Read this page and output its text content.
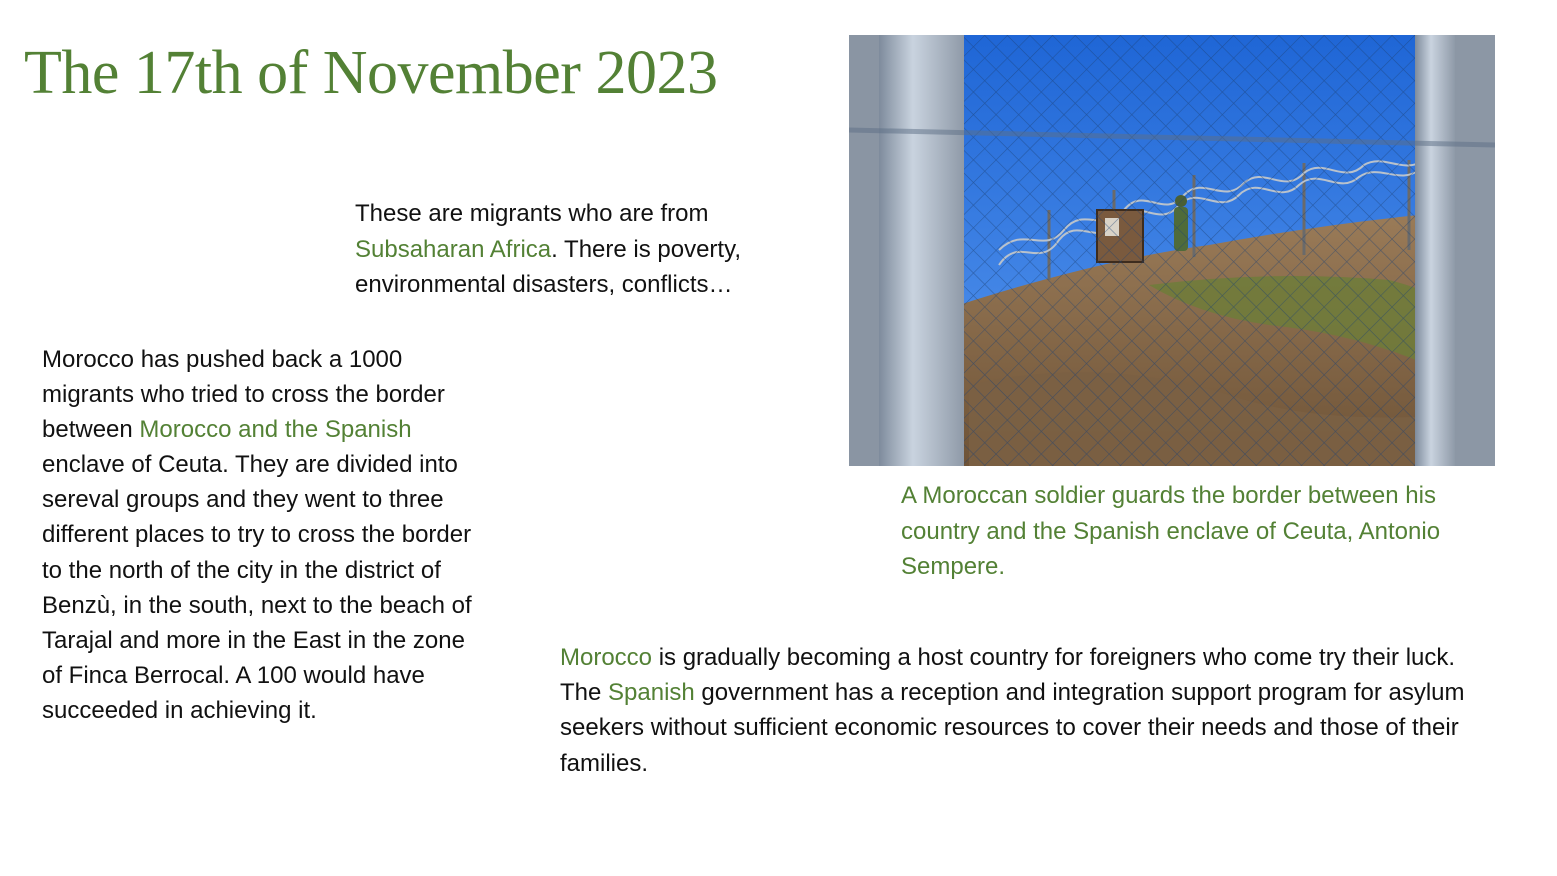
The 17th of November 2023

These are migrants who are from
Subsaharan Africa. There is poverty, environmental disasters, conflicts…

Morocco has pushed back a 1000 migrants who tried to cross the border between Morocco and the Spanish enclave of Ceuta. They are divided into sereval groups and they went to three different places to try to cross the border to the north of the city in the district of Benzù, in the south, next to the beach of Tarajal and more in the East in the zone of Finca Berrocal. A 100 would have succeeded in achieving it.

A Moroccan soldier guards the border between his country and the Spanish enclave of Ceuta, Antonio Sempere.

Morocco is gradually becoming a host country for foreigners who come try their luck.

The Spanish government has a reception and integration support program for asylum seekers without sufficient economic resources to cover their needs and those of their families.
